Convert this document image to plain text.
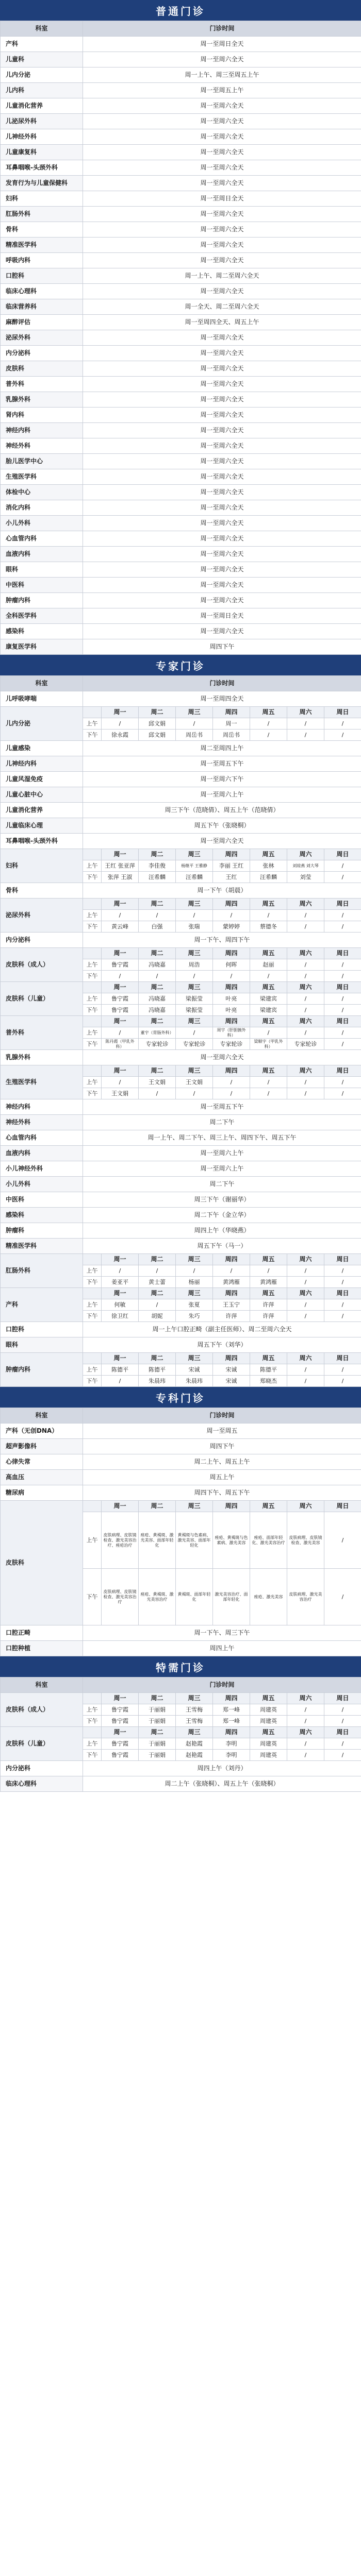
普通门诊
科室	门诊时间
产科	周一至周日全天
儿童科	周一至周六全天
儿内分泌	周一上午、周三至周五上午
儿内科	周一至周五上午
儿童消化营养	周一至周六全天
儿泌尿外科	周一至周六全天
儿神经外科	周一至周六全天
儿童康复科	周一至周六全天
耳鼻咽喉-头颈外科	周一至周六全天
发育行为与儿童保健科	周一至周六全天
妇科	周一至周日全天
肛肠外科	周一至周六全天
骨科	周一至周六全天
精准医学科	周一至周六全天
呼吸内科	周一至周六全天
口腔科	周一上午、周二至周六全天
临床心理科	周一至周六全天
临床营养科	周一全天、周二至周六全天
麻醉评估	周一至周四全天、周五上午
泌尿外科	周一至周六全天
内分泌科	周一至周六全天
皮肤科	周一至周六全天
普外科	周一至周六全天
乳腺外科	周一至周六全天
肾内科	周一至周六全天
神经内科	周一至周六全天
神经外科	周一至周六全天
胎儿医学中心	周一至周六全天
生殖医学科	周一至周六全天
体检中心	周一至周六全天
消化内科	周一至周六全天
小儿外科	周一至周六全天
心血管内科	周一至周六全天
血液内科	周一至周六全天
眼科	周一至周六全天
中医科	周一至周六全天
肿瘤内科	周一至周六全天
全科医学科	周一至周日全天
感染科	周一至周六全天
康复医学科	周四下午
专家门诊
科室	门诊时间							
儿呼吸哮喘	周一至周四全天							
儿内分泌		周一	周二	周三	周四	周五	周六	周日
	上午	/	邱文娟	/	周一	/	/	/
	下午	徐永霞	邱文娟	周岳书	周岳书	/	/	/
儿童感染	周二至周四上午							
儿神经内科	周一至周五下午							
儿童风湿免疫	周一至周六下午							
儿童心脏中心	周一至周六上午							
儿童消化营养	周三下午（范晓倩）、周五上午（范晓倩）							
儿童临床心理	周五下午（张晓桐）							
耳鼻咽喉-头颈外科	周一至周六全天							
妇科		周一	周二	周三	周四	周五	周六	周日
	上午	王红 张亚萍	李佳俊	杨继平 王雅静	李丽 王红	张林	刘琼燕 刘大琴	/
	下午	张萍 王淑	汪希麟	汪希麟	王红	汪希麟	刘莹	/
骨科	周一下午（胡晨）							
泌尿外科		周一	周二	周三	周四	周五	周六	周日
	上午	/	/	/	/	/	/	/
	下午	黄云峰	白强	张瑞	蒙婷婷	蔡德冬	/	/
内分泌科	周一下午、周四下午							
皮肤科（成人）		周一	周二	周三	周四	周五	周六	周日
	上午	鲁宁霞	冯晓嘉	周浩	何晖	赵丽	/	/
	下午	/	/	/	/	/	/	/
皮肤科（儿童）		周一	周二	周三	周四	周五	周六	周日
	上午	鲁宁霞	冯晓嘉	梁振莹	叶亮	梁建宾	/	/
	下午	鲁宁霞	冯晓嘉	梁振莹	叶亮	梁建宾	/	/
普外科		周一	周二	周三	周四	周五	周六	周日
	上午	/	董宇（胃肠外科）	/	周宇（肝胆胰外科）	/	/	/
	下午	陈丹霞（甲乳外科）	专家轮诊	专家轮诊	专家轮诊	梁顺宇（甲乳外科）	专家轮诊	/
乳腺外科	周一至周六全天							
生殖医学科		周一	周二	周三	周四	周五	周六	周日
	上午	/	王文娟	王文娟	/	/	/	/
	下午	王文娟	/	/	/	/	/	/
神经内科	周一至周五下午							
神经外科	周二下午							
心血管内科	周一上午、周二下午、周三上午、周四下午、周五下午							
血液内科	周一至周六上午							
小儿神经外科	周一至周六上午							
小儿外科	周二下午							
中医科	周三下午（谢丽华）							
感染科	周二下午（金立华）							
肿瘤科	周四上午（华晓燕）							
精准医学科	周五下午（马一）							
肛肠外科		周一	周二	周三	周四	周五	周六	周日
	上午	/	/	/	/	/	/	/
	下午	姜亚平	黄士蕾	杨丽	黄鸿雁	黄鸿雁	/	/
产科		周一	周二	周三	周四	周五	周六	周日
	上午	何敏	/	张夏	王玉宁	许萍	/	/
	下午	徐卫红	胡妮	朱巧	许萍	许萍	/	/
口腔科	周一上午口腔正畸（副主任医师）、周二至周六全天							
眼科	周五下午（刘华）							
肿瘤内科		周一	周二	周三	周四	周五	周六	周日
	上午	陈德平	陈德平	宋诚	宋诚	陈德平	/	/
	下午	/	朱晨玮	朱晨玮	宋诚	郑晓杰	/	/
专科门诊
科室	门诊时间							
产科（无创DNA）	周一至周五							
超声影像科	周四下午							
心律失常	周二上午、周五上午							
高血压	周五上午							
糖尿病	周四下午、周五下午							
皮肤科		周一	周二	周三	周四	周五	周六	周日
	上午	皮肤病理、皮肤镜检查、激光美容治疗、痤疮治疗	痤疮、黄褐斑、激光美容、面部年轻化	黄褐斑与色素病、激光美容、面部年轻化	痤疮、黄褐斑与色素病、激光美容	痤疮、面部年轻化、激光美容治疗	皮肤病理、皮肤镜检查、激光美容	/
	下午	皮肤病理、皮肤镜检查、激光美容治疗	痤疮、黄褐斑、激光美容治疗	黄褐斑、面部年轻化	激光美容治疗、面部年轻化	痤疮、激光美容	皮肤病理、激光美容治疗	/
口腔正畸	周一下午、周三下午							
口腔种植	周四上午							
特需门诊
科室	门诊时间							
皮肤科（成人）		周一	周二	周三	周四	周五	周六	周日
	上午	鲁宁霞	于丽娟	王雪梅	郑一峰	周建英	/	/
	下午	鲁宁霞	于丽娟	王雪梅	郑一峰	周建英	/	/
皮肤科（儿童）		周一	周二	周三	周四	周五	周六	周日
	上午	鲁宁霞	于丽娟	赵艳霞	李明	周建英	/	/
	下午	鲁宁霞	于丽娟	赵艳霞	李明	周建英	/	/
内分泌科	周四上午（刘丹）							
临床心理科	周二上午（张晓桐）、周五上午（张晓桐）							
